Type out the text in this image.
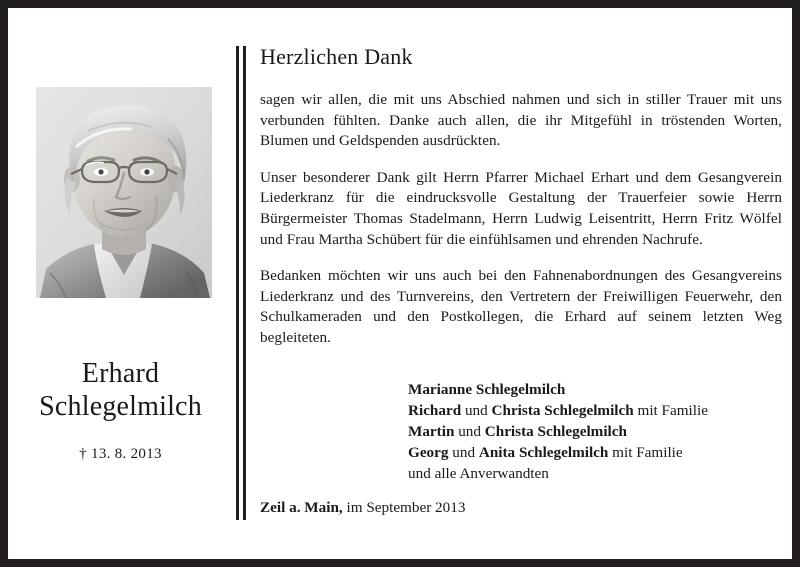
Erhard
Schlegelmilch
† 13. 8. 2013
Herzlichen Dank

sagen wir allen, die mit uns Abschied nahmen und sich in stiller Trauer mit uns verbunden fühlten. Danke auch allen, die ihr Mitgefühl in tröstenden Worten, Blumen und Geldspenden ausdrückten.

Unser besonderer Dank gilt Herrn Pfarrer Michael Erhart und dem Gesangverein Liederkranz für die eindrucksvolle Gestaltung der Trauerfeier sowie Herrn Bürgermeister Thomas Stadelmann, Herrn Ludwig Leisentritt, Herrn Fritz Wölfel und Frau Martha Schübert für die einfühlsamen und ehrenden Nachrufe.

Bedanken möchten wir uns auch bei den Fahnenabordnungen des Gesangvereins Liederkranz und des Turnvereins, den Vertretern der Freiwilligen Feuerwehr, den Schulkameraden und den Postkollegen, die Erhard auf seinem letzten Weg begleiteten.

Marianne Schlegelmilch
Richard und Christa Schlegelmilch mit Familie
Martin und Christa Schlegelmilch
Georg und Anita Schlegelmilch mit Familie
und alle Anverwandten
Zeil a. Main, im September 2013
